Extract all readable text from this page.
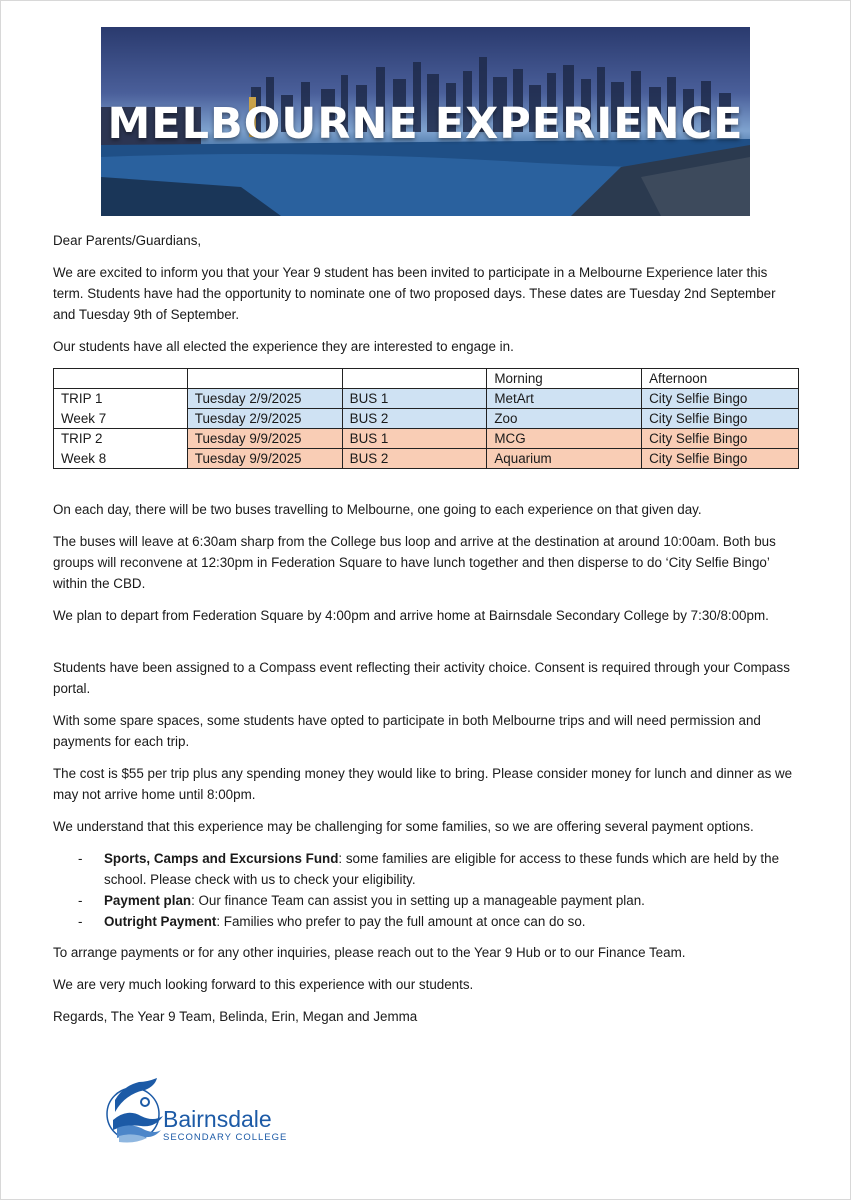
MELBOURNE EXPERIENCE

Dear Parents/Guardians,

We are excited to inform you that your Year 9 student has been invited to participate in a Melbourne Experience later this term. Students have had the opportunity to nominate one of two proposed days. These dates are Tuesday 2nd September and Tuesday 9th of September.

Our students have all elected the experience they are interested to engage in.

			Morning	Afternoon
TRIP 1	Tuesday 2/9/2025	BUS 1	MetArt	City Selfie Bingo
Week 7	Tuesday 2/9/2025	BUS 2	Zoo	City Selfie Bingo
TRIP 2	Tuesday 9/9/2025	BUS 1	MCG	City Selfie Bingo
Week 8	Tuesday 9/9/2025	BUS 2	Aquarium	City Selfie Bingo

On each day, there will be two buses travelling to Melbourne, one going to each experience on that given day.

The buses will leave at 6:30am sharp from the College bus loop and arrive at the destination at around 10:00am. Both bus groups will reconvene at 12:30pm in Federation Square to have lunch together and then disperse to do ‘City Selfie Bingo’ within the CBD.

We plan to depart from Federation Square by 4:00pm and arrive home at Bairnsdale Secondary College by 7:30/8:00pm.

Students have been assigned to a Compass event reflecting their activity choice. Consent is required through your Compass portal.

With some spare spaces, some students have opted to participate in both Melbourne trips and will need permission and payments for each trip.

The cost is $55 per trip plus any spending money they would like to bring. Please consider money for lunch and dinner as we may not arrive home until 8:00pm.

We understand that this experience may be challenging for some families, so we are offering several payment options.

- Sports, Camps and Excursions Fund: some families are eligible for access to these funds which are held by the school. Please check with us to check your eligibility.
- Payment plan: Our finance Team can assist you in setting up a manageable payment plan.
- Outright Payment: Families who prefer to pay the full amount at once can do so.

To arrange payments or for any other inquiries, please reach out to the Year 9 Hub or to our Finance Team.

We are very much looking forward to this experience with our students.

Regards, The Year 9 Team, Belinda, Erin, Megan and Jemma

Bairnsdale
SECONDARY COLLEGE
